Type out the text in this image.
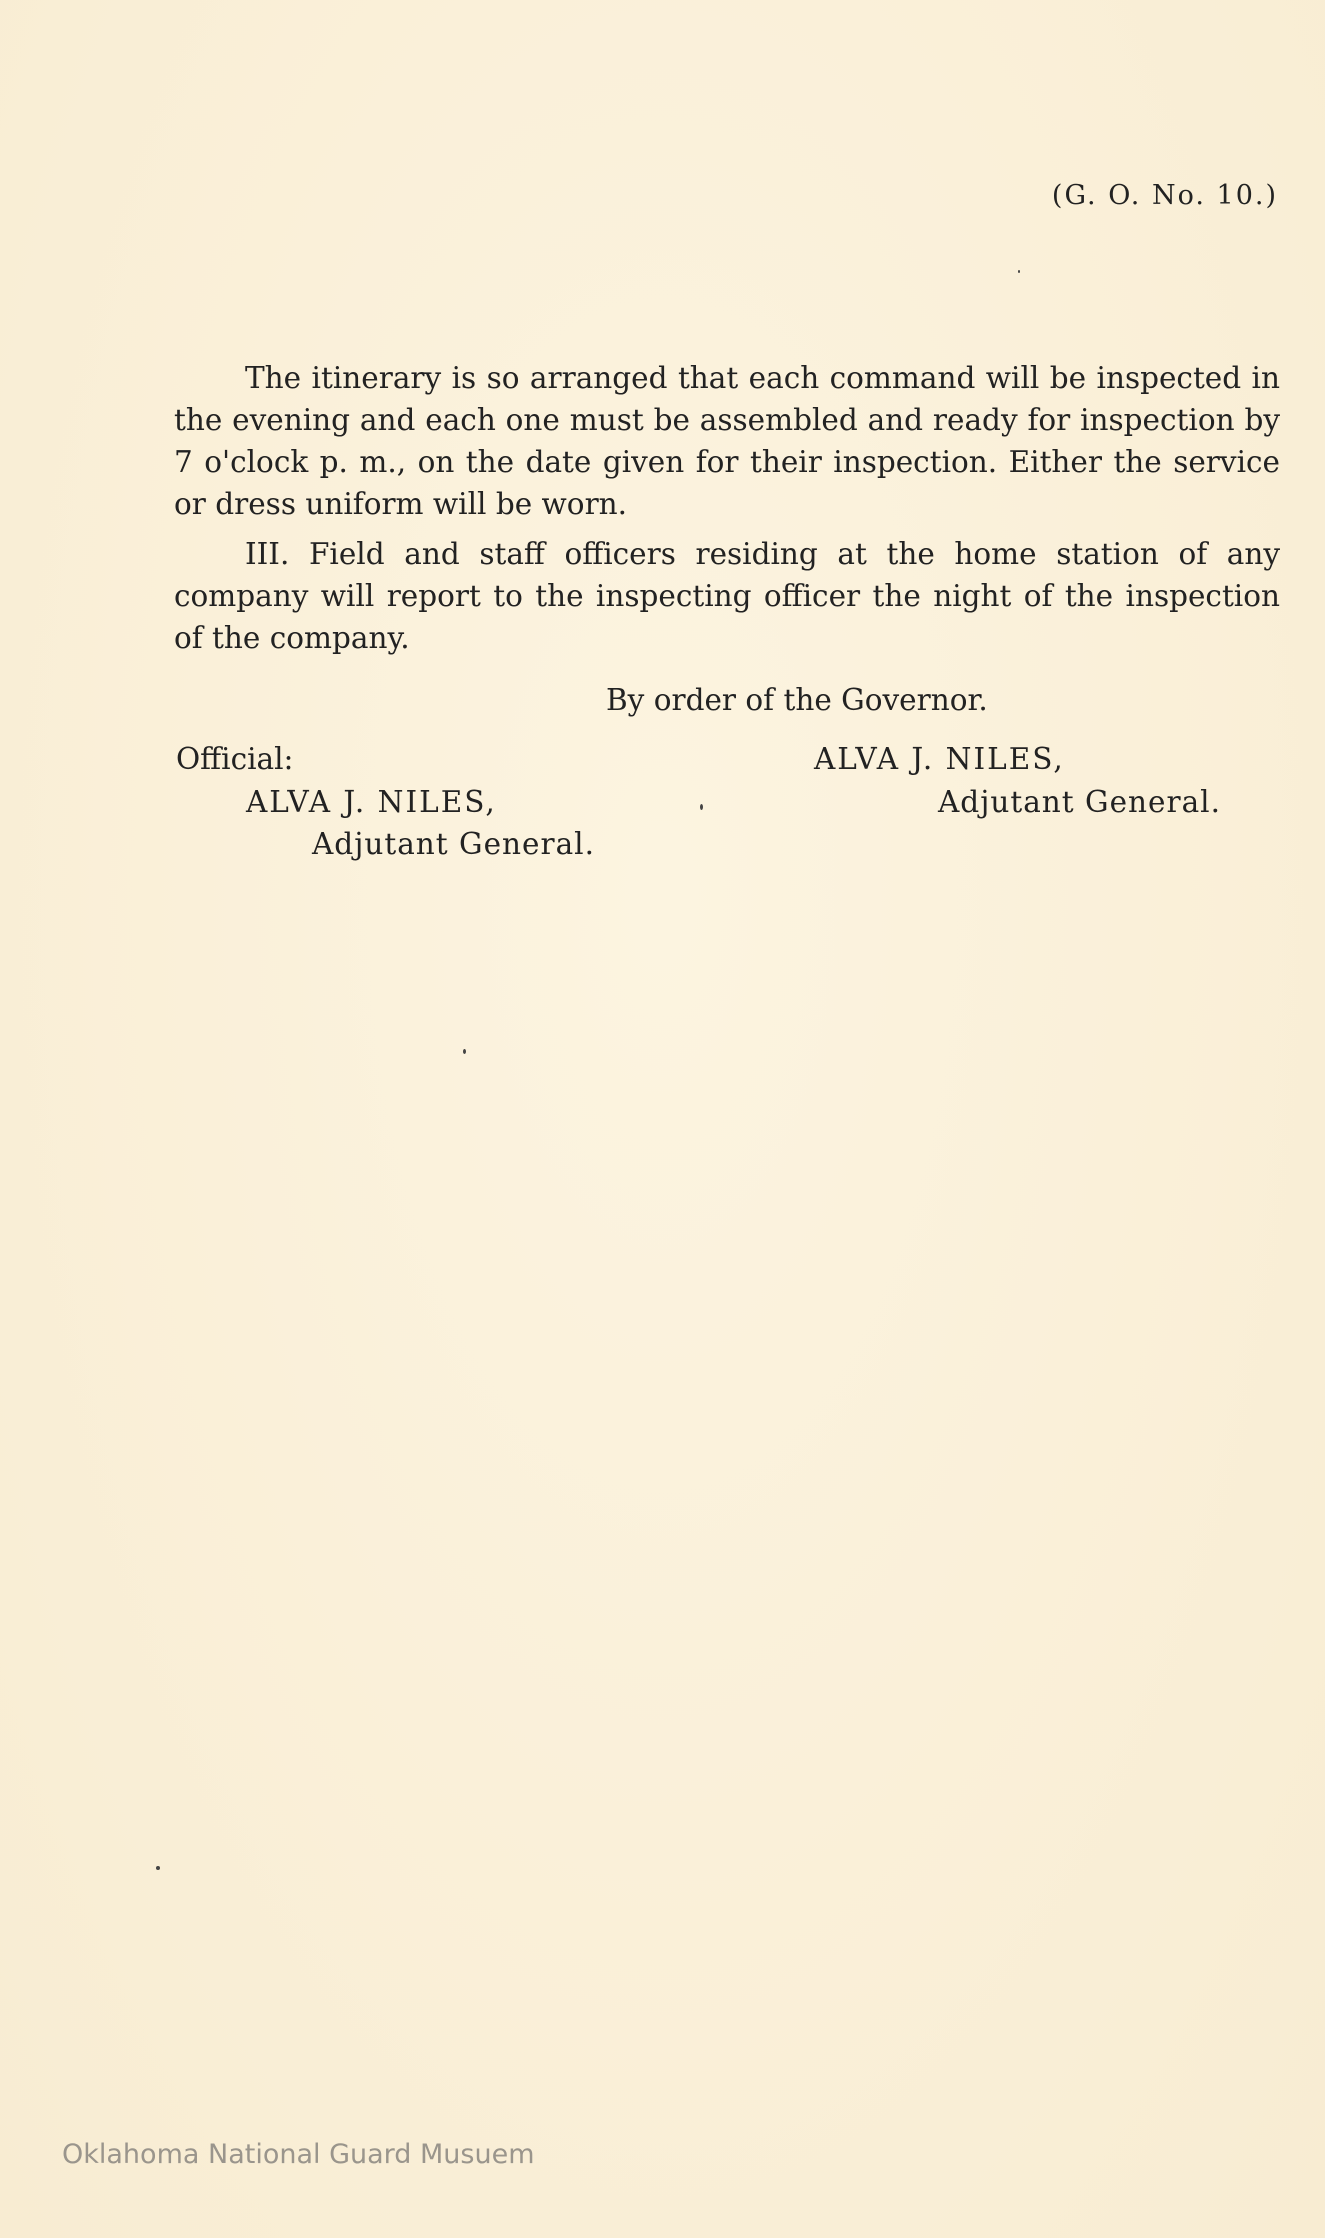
(G. O. No. 10.)

The itinerary is so arranged that each command will be inspected in the evening and each one must be assembled and ready for inspection by 7 o'clock p. m., on the date given for their inspection. Either the service or dress uniform will be worn.

III. Field and staff officers residing at the home station of any company will report to the inspecting officer the night of the inspection of the company.

By order of the Governor.
Official:
ALVA J. NILES,
Adjutant General.
ALVA J. NILES,
Adjutant General.
Oklahoma National Guard Musuem
